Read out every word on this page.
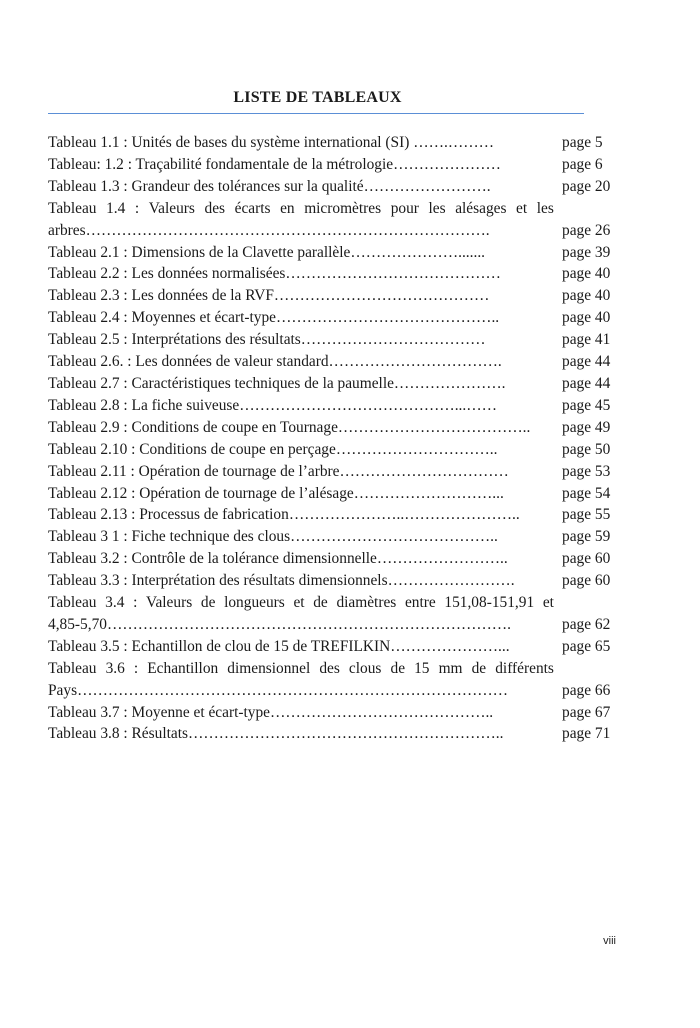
LISTE DE TABLEAUX
Tableau 1.1 : Unités de bases du système international (SI) …….………	page 5
Tableau: 1.2 : Traçabilité fondamentale de la métrologie…………………	page 6
Tableau 1.3 : Grandeur des tolérances sur la qualité…………………….	page 20
Tableau 1.4 : Valeurs des écarts en micromètres pour les alésages et les
arbres…………………………………………………………………….	page 26
Tableau 2.1 : Dimensions de la Clavette parallèle………………….......	page 39
Tableau 2.2 : Les données normalisées……………………………………	page 40
Tableau 2.3 : Les données de la RVF……………………………………	page 40
Tableau 2.4 : Moyennes et écart-type……………………………………..	page 40
Tableau 2.5 : Interprétations des résultats………………………………	page 41
Tableau 2.6. : Les données de valeur standard…………………………….	page 44
Tableau 2.7 : Caractéristiques techniques de la paumelle………………….	page 44
Tableau 2.8 : La fiche suiveuse……………………………………...……	page 45
Tableau 2.9 : Conditions de coupe en Tournage………………………………..	page 49
Tableau 2.10 : Conditions de coupe en perçage…………………………..	page 50
Tableau 2.11 : Opération de tournage de l’arbre……………………………	page 53
Tableau 2.12 : Opération de tournage de l’alésage………………………...	page 54
Tableau 2.13 : Processus de fabrication…………………..…………………..	page 55
Tableau 3 1 : Fiche technique des clous…………………………………..	page 59
Tableau 3.2 : Contrôle de la tolérance dimensionnelle……………………..	page 60
Tableau 3.3 : Interprétation des résultats dimensionnels…………………….	page 60
Tableau 3.4 : Valeurs de longueurs et de diamètres entre 151,08-151,91 et
4,85-5,70…………………………………………………………………….	page 62
Tableau 3.5 : Echantillon de clou de 15 de TREFILKIN…………………...	page 65
Tableau 3.6 : Echantillon dimensionnel des clous de 15 mm de différents
Pays…………………………………………………………………………	page 66
Tableau 3.7 : Moyenne et écart-type……………………………………..	page 67
Tableau 3.8 : Résultats……………………………………………………..	page 71
viii
